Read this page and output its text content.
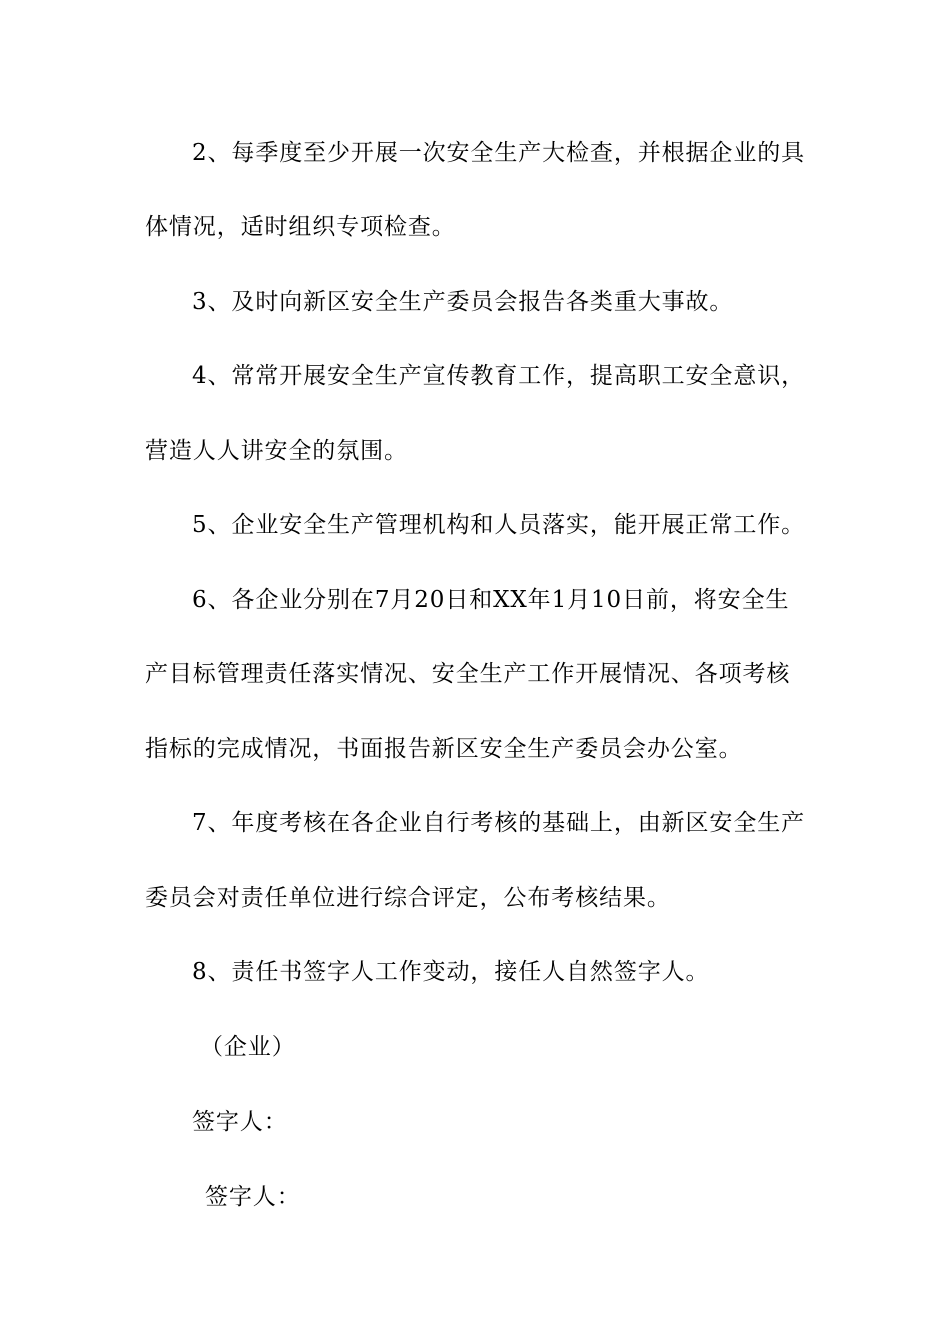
2、每季度至少开展一次安全生产大检查，并根据企业的具
体情况，适时组织专项检查。
3、及时向新区安全生产委员会报告各类重大事故。
4、常常开展安全生产宣传教育工作，提高职工安全意识，
营造人人讲安全的氛围。
5、企业安全生产管理机构和人员落实，能开展正常工作。
6、各企业分别在7月20日和XX年1月10日前，将安全生
产目标管理责任落实情况、安全生产工作开展情况、各项考核
指标的完成情况，书面报告新区安全生产委员会办公室。
7、年度考核在各企业自行考核的基础上，由新区安全生产
委员会对责任单位进行综合评定，公布考核结果。
8、责任书签字人工作变动，接任人自然签字人。
（企业）
签字人：
签字人：
